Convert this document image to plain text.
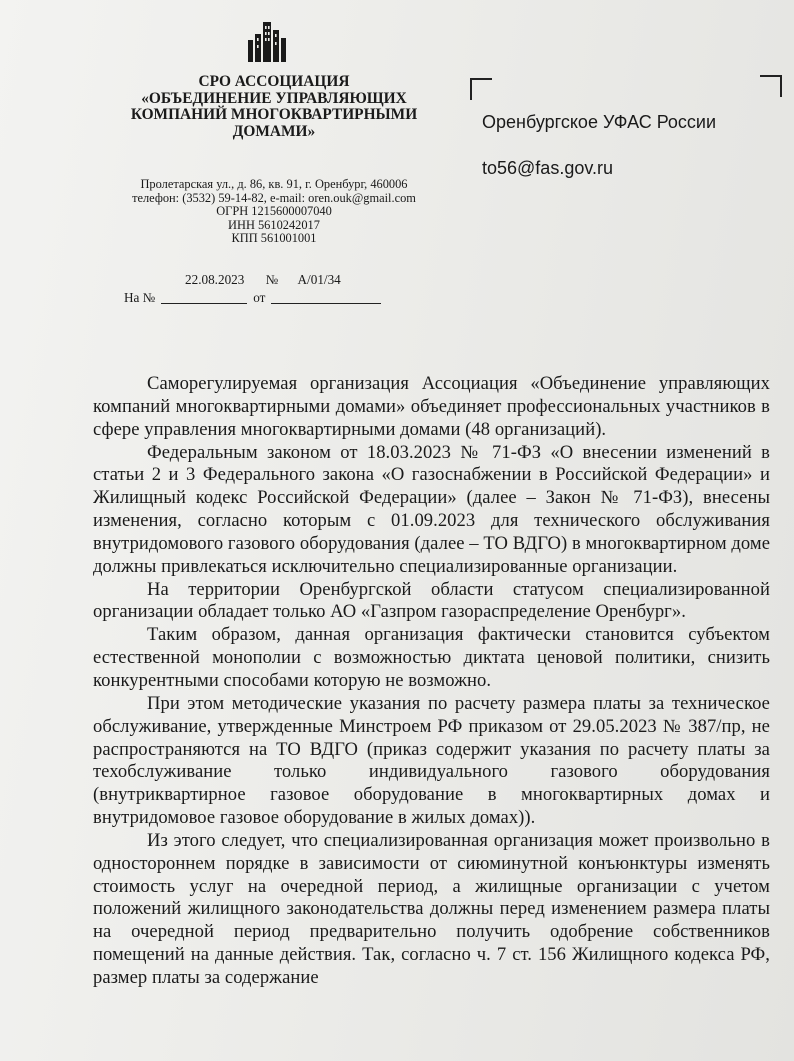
СРО АССОЦИАЦИЯ
«ОБЪЕДИНЕНИЕ УПРАВЛЯЮЩИХ
КОМПАНИЙ МНОГОКВАРТИРНЫМИ
ДОМАМИ»
Пролетарская ул., д. 86, кв. 91, г. Оренбург, 460006
телефон: (3532) 59-14-82, e-mail: oren.ouk@gmail.com
ОГРН 1215600007040
ИНН 5610242017
КПП 561001001
22.08.2023 № А/01/34
На №	от
Оренбургское УФАС России
to56@fas.gov.ru

Саморегулируемая организация Ассоциация «Объединение управляющих компаний многоквартирными домами» объединяет профессиональных участников в сфере управления многоквартирными домами (48 организаций).

Федеральным законом от 18.03.2023 № 71-ФЗ «О внесении изменений в статьи 2 и 3 Федерального закона «О газоснабжении в Российской Федерации» и Жилищный кодекс Российской Федерации» (далее – Закон № 71-ФЗ), внесены изменения, согласно которым с 01.09.2023 для технического обслуживания внутридомового газового оборудования (далее – ТО ВДГО) в многоквартирном доме должны привлекаться исключительно специализированные организации.

На территории Оренбургской области статусом специализированной организации обладает только АО «Газпром газораспределение Оренбург».

Таким образом, данная организация фактически становится субъектом естественной монополии с возможностью диктата ценовой политики, снизить конкурентными способами которую не возможно.

При этом методические указания по расчету размера платы за техническое обслуживание, утвержденные Минстроем РФ приказом от 29.05.2023 № 387/пр, не распространяются на ТО ВДГО (приказ содержит указания по расчету платы за техобслуживание только индивидуального газового оборудования (внутриквартирное газовое оборудование в многоквартирных домах и внутридомовое газовое оборудование в жилых домах)).

Из этого следует, что специализированная организация может произвольно в одностороннем порядке в зависимости от сиюминутной конъюнктуры изменять стоимость услуг на очередной период, а жилищные организации с учетом положений жилищного законодательства должны перед изменением размера платы на очередной период предварительно получить одобрение собственников помещений на данные действия. Так, согласно ч. 7 ст. 156 Жилищного кодекса РФ, размер платы за содержание
